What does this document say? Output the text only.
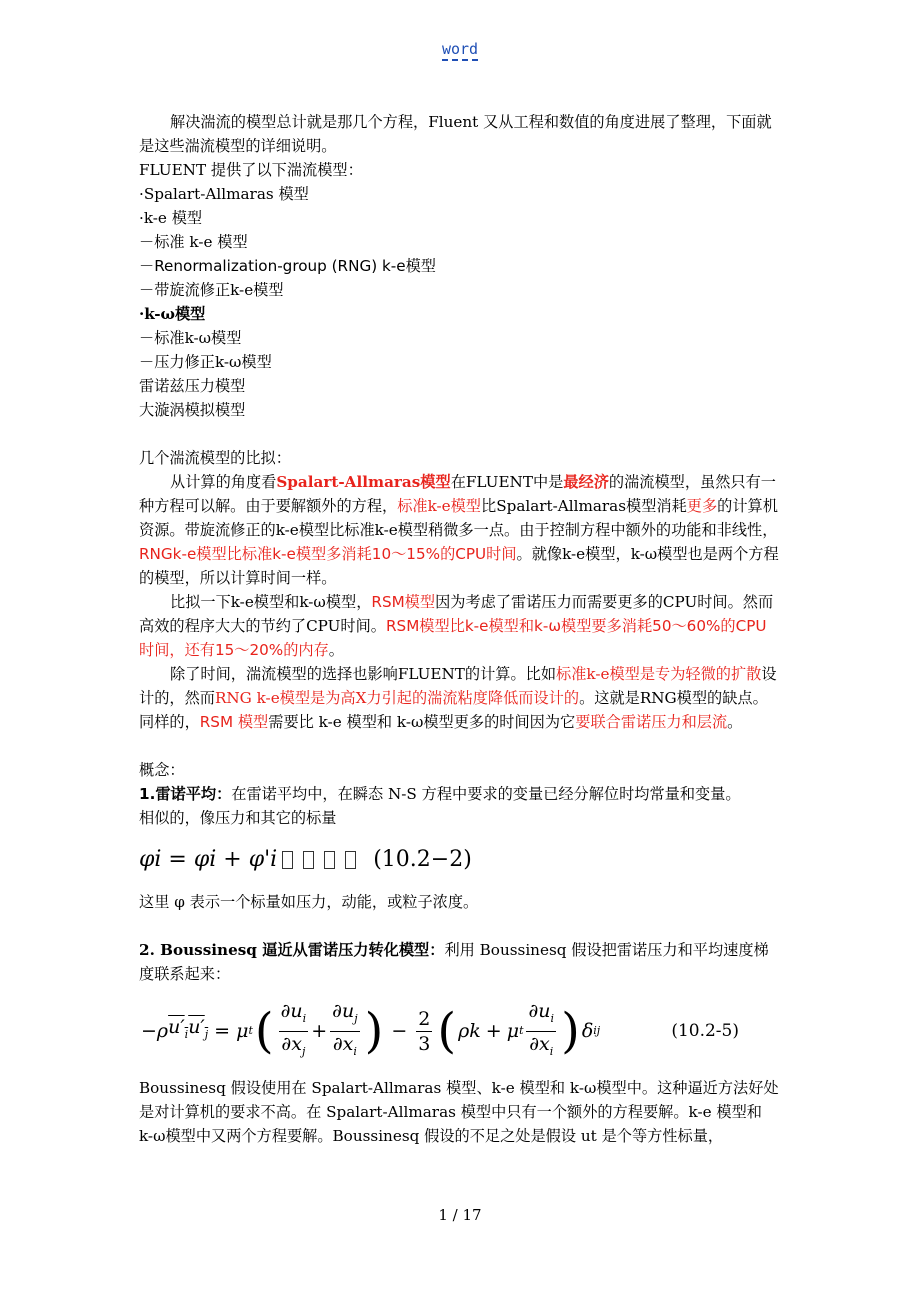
word

解决湍流的模型总计就是那几个方程，Fluent 又从工程和数值的角度进展了整理，下面就是这些湍流模型的详细说明。

FLUENT 提供了以下湍流模型：

·Spalart-Allmaras 模型

·k-e 模型

－标准 k-e 模型

－Renormalization-group (RNG) k-e模型

－带旋流修正k-e模型

·k-ω模型

－标准k-ω模型

－压力修正k-ω模型

雷诺兹压力模型

大漩涡模拟模型

几个湍流模型的比拟：

从计算的角度看Spalart-Allmaras模型在FLUENT中是最经济的湍流模型，虽然只有一种方程可以解。由于要解额外的方程，标准k-e模型比Spalart-Allmaras模型消耗更多的计算机资源。带旋流修正的k-e模型比标准k-e模型稍微多一点。由于控制方程中额外的功能和非线性，RNGk-e模型比标准k-e模型多消耗10～15%的CPU时间。就像k-e模型，k-ω模型也是两个方程的模型，所以计算时间一样。

比拟一下k-e模型和k-ω模型，RSM模型因为考虑了雷诺压力而需要更多的CPU时间。然而高效的程序大大的节约了CPU时间。RSM模型比k-e模型和k-ω模型要多消耗50～60%的CPU时间，还有15～20%的内存。

除了时间，湍流模型的选择也影响FLUENT的计算。比如标准k-e模型是专为轻微的扩散设计的，然而RNG k-e模型是为高X力引起的湍流粘度降低而设计的。这就是RNG模型的缺点。

同样的，RSM 模型需要比 k-e 模型和 k-ω模型更多的时间因为它要联合雷诺压力和层流。

概念：

1.雷诺平均：在雷诺平均中，在瞬态 N-S 方程中要求的变量已经分解位时均常量和变量。

相似的，像压力和其它的标量

φi = φi + φ'i	(10.2−2)

这里 φ 表示一个标量如压力，动能，或粒子浓度。

2. Boussinesq 逼近从雷诺压力转化模型：利用 Boussinesq 假设把雷诺压力和平均速度梯度联系起来：

−ρ $u'_iu'_j = \mu$ t ( $\frac{\partial u_i}{\partial x_j} + \frac{\partial u_j}{\partial x_i}$ ) − $\frac{2}{3}$ ( ρk + μ t $\frac{\partial u_i}{\partial x_i}$ ) δ ij	(10.2-5)

Boussinesq 假设使用在 Spalart-Allmaras 模型、k-e 模型和 k-ω模型中。这种逼近方法好处是对计算机的要求不高。在 Spalart-Allmaras 模型中只有一个额外的方程要解。k-e 模型和 k-ω模型中又两个方程要解。Boussinesq 假设的不足之处是假设 ut 是个等方性标量，

1 / 17
